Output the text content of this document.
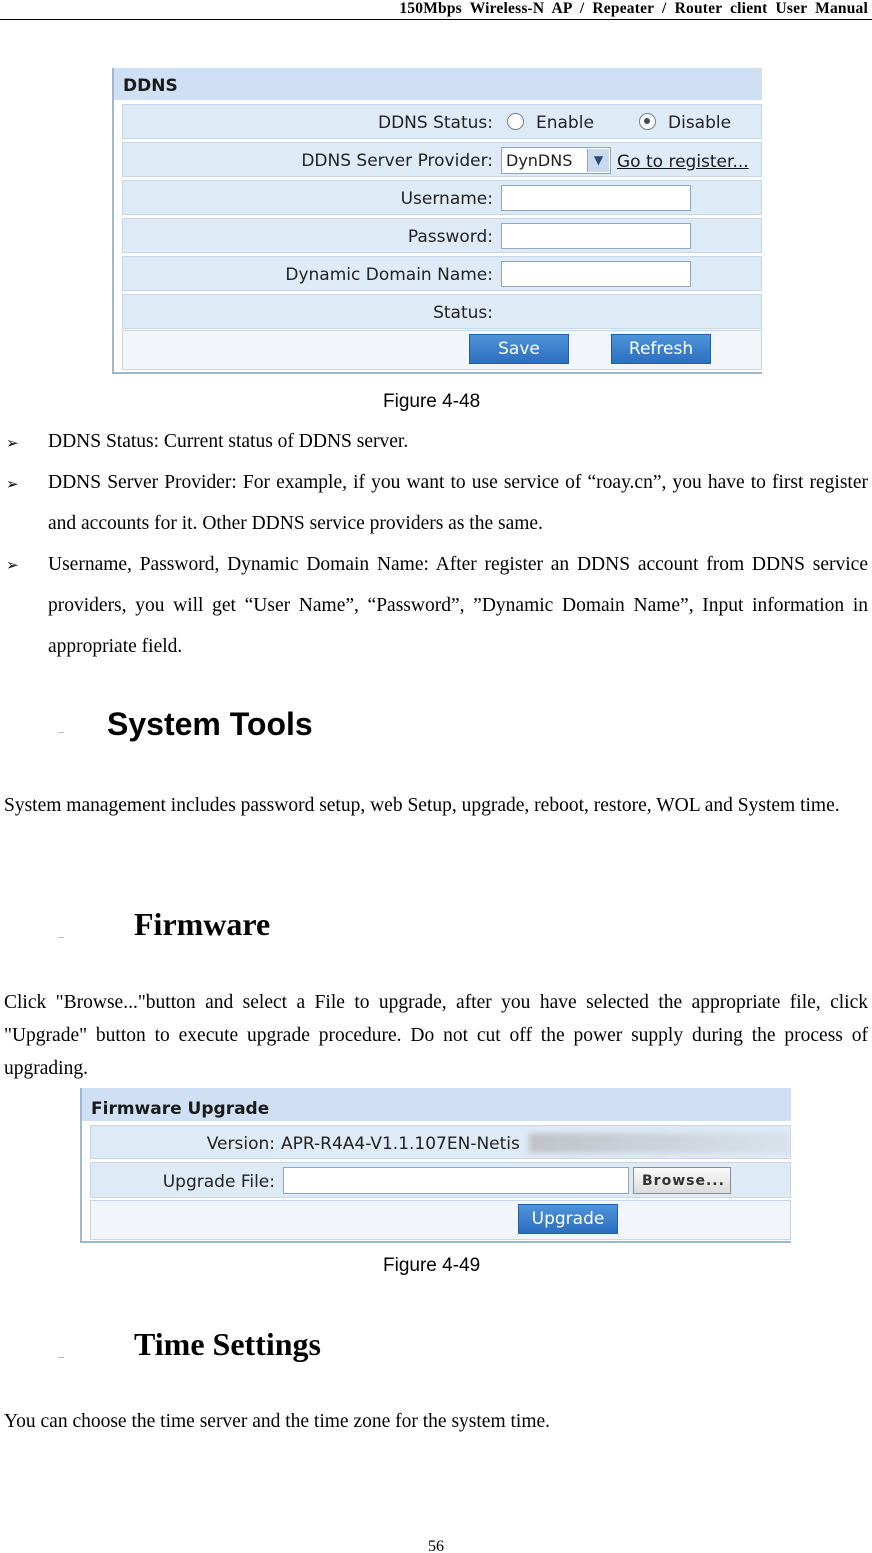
150Mbps Wireless-N AP / Repeater / Router client User Manual
DDNS
DDNS Status:	Enable	Disable
DDNS Server Provider: DynDNS	▼ Go to register...
Username:
Password:
Dynamic Domain Name:
Status:
Save	Refresh
Figure 4-48
➢ DDNS Status: Current status of DDNS server.
➢ DDNS Server Provider: For example, if you want to use service of “roay.cn”, you have to first register and accounts for it. Other DDNS service providers as the same.
➢ Username, Password, Dynamic Domain Name: After register an DDNS account from DDNS service providers, you will get “User Name”, “Password”, ”Dynamic Domain Name”, Input information in appropriate field.
System Tools
System management includes password setup, web Setup, upgrade, reboot, restore, WOL and System time.
Firmware
Click "Browse..."button and select a File to upgrade, after you have selected the appropriate file, click "Upgrade" button to execute upgrade procedure. Do not cut off the power supply during the process of upgrading.
Firmware Upgrade
Version: APR-R4A4-V1.1.107EN-Netis
Upgrade File:	Browse...
Upgrade
Figure 4-49
Time Settings
You can choose the time server and the time zone for the system time.
56
